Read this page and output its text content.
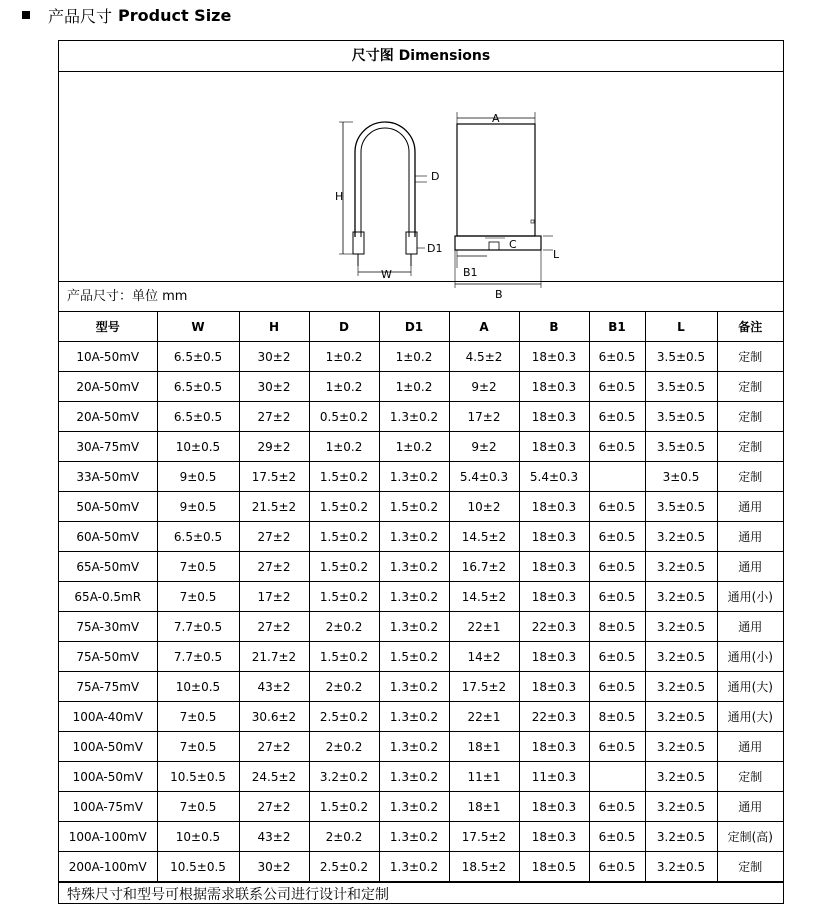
产品尺寸 Product Size
尺寸图 Dimensions
H
D
D1
W
A
C
L
B1
B
产品尺寸：单位 mm
型号	W	H	D	D1	A	B	B1	L	备注
10A-50mV	6.5±0.5	30±2	1±0.2	1±0.2	4.5±2	18±0.3	6±0.5	3.5±0.5	定制
20A-50mV	6.5±0.5	30±2	1±0.2	1±0.2	9±2	18±0.3	6±0.5	3.5±0.5	定制
20A-50mV	6.5±0.5	27±2	0.5±0.2	1.3±0.2	17±2	18±0.3	6±0.5	3.5±0.5	定制
30A-75mV	10±0.5	29±2	1±0.2	1±0.2	9±2	18±0.3	6±0.5	3.5±0.5	定制
33A-50mV	9±0.5	17.5±2	1.5±0.2	1.3±0.2	5.4±0.3	5.4±0.3		3±0.5	定制
50A-50mV	9±0.5	21.5±2	1.5±0.2	1.5±0.2	10±2	18±0.3	6±0.5	3.5±0.5	通用
60A-50mV	6.5±0.5	27±2	1.5±0.2	1.3±0.2	14.5±2	18±0.3	6±0.5	3.2±0.5	通用
65A-50mV	7±0.5	27±2	1.5±0.2	1.3±0.2	16.7±2	18±0.3	6±0.5	3.2±0.5	通用
65A-0.5mR	7±0.5	17±2	1.5±0.2	1.3±0.2	14.5±2	18±0.3	6±0.5	3.2±0.5	通用(小)
75A-30mV	7.7±0.5	27±2	2±0.2	1.3±0.2	22±1	22±0.3	8±0.5	3.2±0.5	通用
75A-50mV	7.7±0.5	21.7±2	1.5±0.2	1.5±0.2	14±2	18±0.3	6±0.5	3.2±0.5	通用(小)
75A-75mV	10±0.5	43±2	2±0.2	1.3±0.2	17.5±2	18±0.3	6±0.5	3.2±0.5	通用(大)
100A-40mV	7±0.5	30.6±2	2.5±0.2	1.3±0.2	22±1	22±0.3	8±0.5	3.2±0.5	通用(大)
100A-50mV	7±0.5	27±2	2±0.2	1.3±0.2	18±1	18±0.3	6±0.5	3.2±0.5	通用
100A-50mV	10.5±0.5	24.5±2	3.2±0.2	1.3±0.2	11±1	11±0.3		3.2±0.5	定制
100A-75mV	7±0.5	27±2	1.5±0.2	1.3±0.2	18±1	18±0.3	6±0.5	3.2±0.5	通用
100A-100mV	10±0.5	43±2	2±0.2	1.3±0.2	17.5±2	18±0.3	6±0.5	3.2±0.5	定制(高)
200A-100mV	10.5±0.5	30±2	2.5±0.2	1.3±0.2	18.5±2	18±0.5	6±0.5	3.2±0.5	定制
特殊尺寸和型号可根据需求联系公司进行设计和定制
